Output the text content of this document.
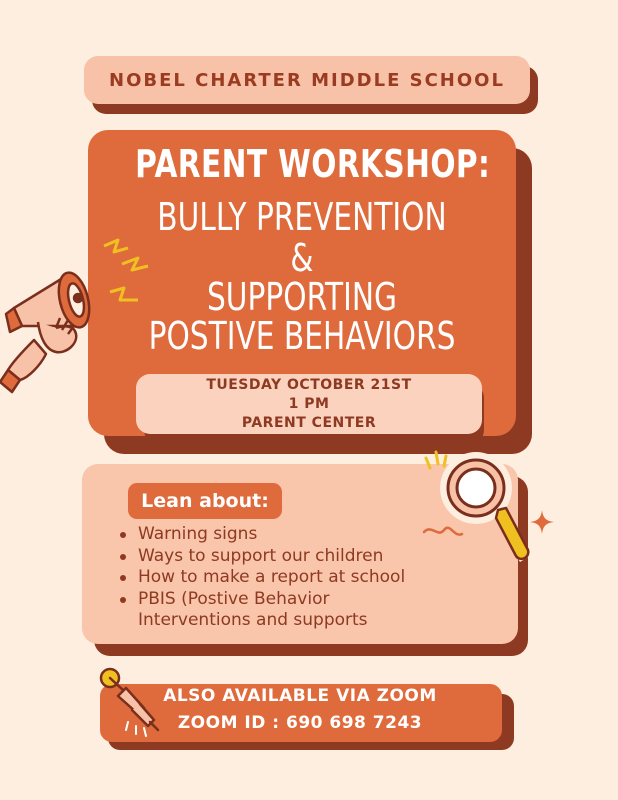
NOBEL CHARTER MIDDLE SCHOOL
PARENT WORKSHOP:
BULLY PREVENTION
&
SUPPORTING
POSTIVE BEHAVIORS
TUESDAY OCTOBER 21ST
1 PM
PARENT CENTER
Lean about:
Warning signs
Ways to support our children
How to make a report at school
PBIS (Postive Behavior
Interventions and supports
ALSO AVAILABLE VIA ZOOM
ZOOM ID : 690 698 7243
